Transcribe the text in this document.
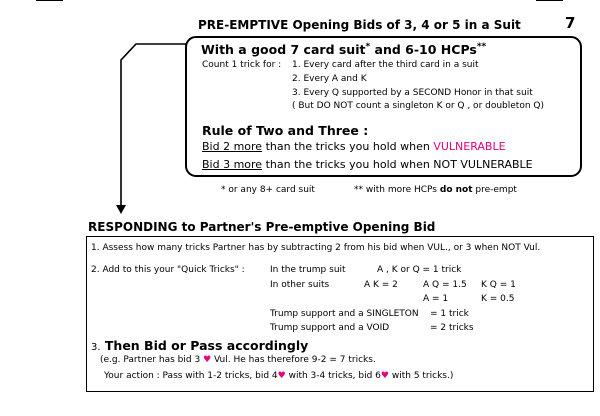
PRE-EMPTIVE Opening Bids of 3, 4 or 5 in a Suit	7
With a good 7 card suit* and 6-10 HCPs**
Count 1 trick for : 1. Every card after the third card in a suit
2. Every A and K
3. Every Q supported by a SECOND Honor in that suit
( But DO NOT count a singleton K or Q , or doubleton Q)
Rule of Two and Three :
Bid 2 more than the tricks you hold when VULNERABLE
Bid 3 more than the tricks you hold when NOT VULNERABLE
* or any 8+ card suit	** with more HCPs do not pre-empt
RESPONDING to Partner's Pre-emptive Opening Bid
1. Assess how many tricks Partner has by subtracting 2 from his bid when VUL., or 3 when NOT Vul.
2. Add to this your "Quick Tricks" :	In the trump suit	A , K or Q = 1 trick
In other suits	A K = 2	A Q = 1.5 K Q = 1
A = 1	K = 0.5
Trump support and a SINGLETON = 1 trick
Trump support and a VOID	= 2 tricks
3. Then Bid or Pass accordingly
(e.g. Partner has bid 3 ♥ Vul. He has therefore 9-2 = 7 tricks.
Your action : Pass with 1-2 tricks, bid 4♥ with 3-4 tricks, bid 6♥ with 5 tricks.)
